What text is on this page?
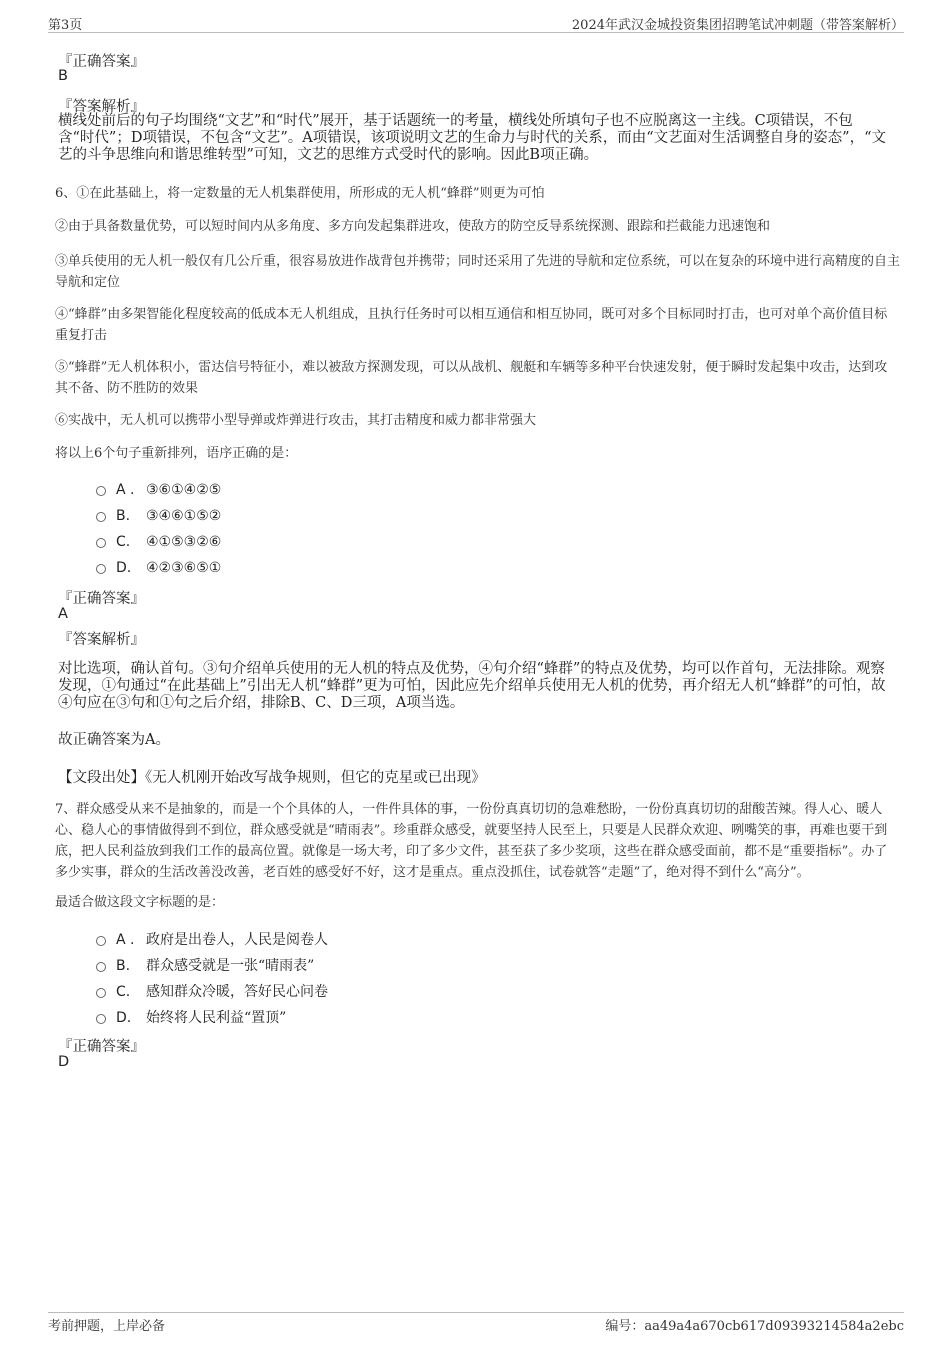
第3页	2024年武汉金城投资集团招聘笔试冲刺题（带答案解析）
『正确答案』
B
『答案解析』
横线处前后的句子均围绕“文艺”和“时代”展开，基于话题统一的考量，横线处所填句子也不应脱离这一主线。C项错误，不包含“时代”；D项错误，不包含“文艺”。A项错误，该项说明文艺的生命力与时代的关系，而由“文艺面对生活调整自身的姿态”，“文艺的斗争思维向和谐思维转型”可知，文艺的思维方式受时代的影响。因此B项正确。
6、①在此基础上，将一定数量的无人机集群使用，所形成的无人机“蜂群”则更为可怕
②由于具备数量优势，可以短时间内从多角度、多方向发起集群进攻，使敌方的防空反导系统探测、跟踪和拦截能力迅速饱和
③单兵使用的无人机一般仅有几公斤重，很容易放进作战背包并携带；同时还采用了先进的导航和定位系统，可以在复杂的环境中进行高精度的自主导航和定位
④“蜂群”由多架智能化程度较高的低成本无人机组成，且执行任务时可以相互通信和相互协同，既可对多个目标同时打击，也可对单个高价值目标重复打击
⑤“蜂群”无人机体积小，雷达信号特征小，难以被敌方探测发现，可以从战机、舰艇和车辆等多种平台快速发射，便于瞬时发起集中攻击，达到攻其不备、防不胜防的效果
⑥实战中，无人机可以携带小型导弹或炸弹进行攻击，其打击精度和威力都非常强大
将以上6个句子重新排列，语序正确的是：
A . ③⑥①④②⑤
B. ③④⑥①⑤②
C. ④①⑤③②⑥
D. ④②③⑥⑤①
『正确答案』
A
『答案解析』
对比选项，确认首句。③句介绍单兵使用的无人机的特点及优势，④句介绍“蜂群”的特点及优势，均可以作首句，无法排除。观察发现，①句通过“在此基础上”引出无人机“蜂群”更为可怕，因此应先介绍单兵使用无人机的优势，再介绍无人机“蜂群”的可怕，故④句应在③句和①句之后介绍，排除B、C、D三项，A项当选。
故正确答案为A。
【文段出处】《无人机刚开始改写战争规则，但它的克星或已出现》
7、群众感受从来不是抽象的，而是一个个具体的人，一件件具体的事，一份份真真切切的急难愁盼，一份份真真切切的甜酸苦辣。得人心、暖人心、稳人心的事情做得到不到位，群众感受就是“晴雨表”。珍重群众感受，就要坚持人民至上，只要是人民群众欢迎、咧嘴笑的事，再难也要干到底，把人民利益放到我们工作的最高位置。就像是一场大考，印了多少文件，甚至获了多少奖项，这些在群众感受面前，都不是“重要指标”。办了多少实事，群众的生活改善没改善，老百姓的感受好不好，这才是重点。重点没抓住，试卷就答“走题”了，绝对得不到什么“高分”。
最适合做这段文字标题的是：
A . 政府是出卷人，人民是阅卷人
B. 群众感受就是一张“晴雨表”
C. 感知群众冷暖，答好民心问卷
D. 始终将人民利益“置顶”
『正确答案』
D
考前押题，上岸必备	编号：aa49a4a670cb617d09393214584a2ebc
